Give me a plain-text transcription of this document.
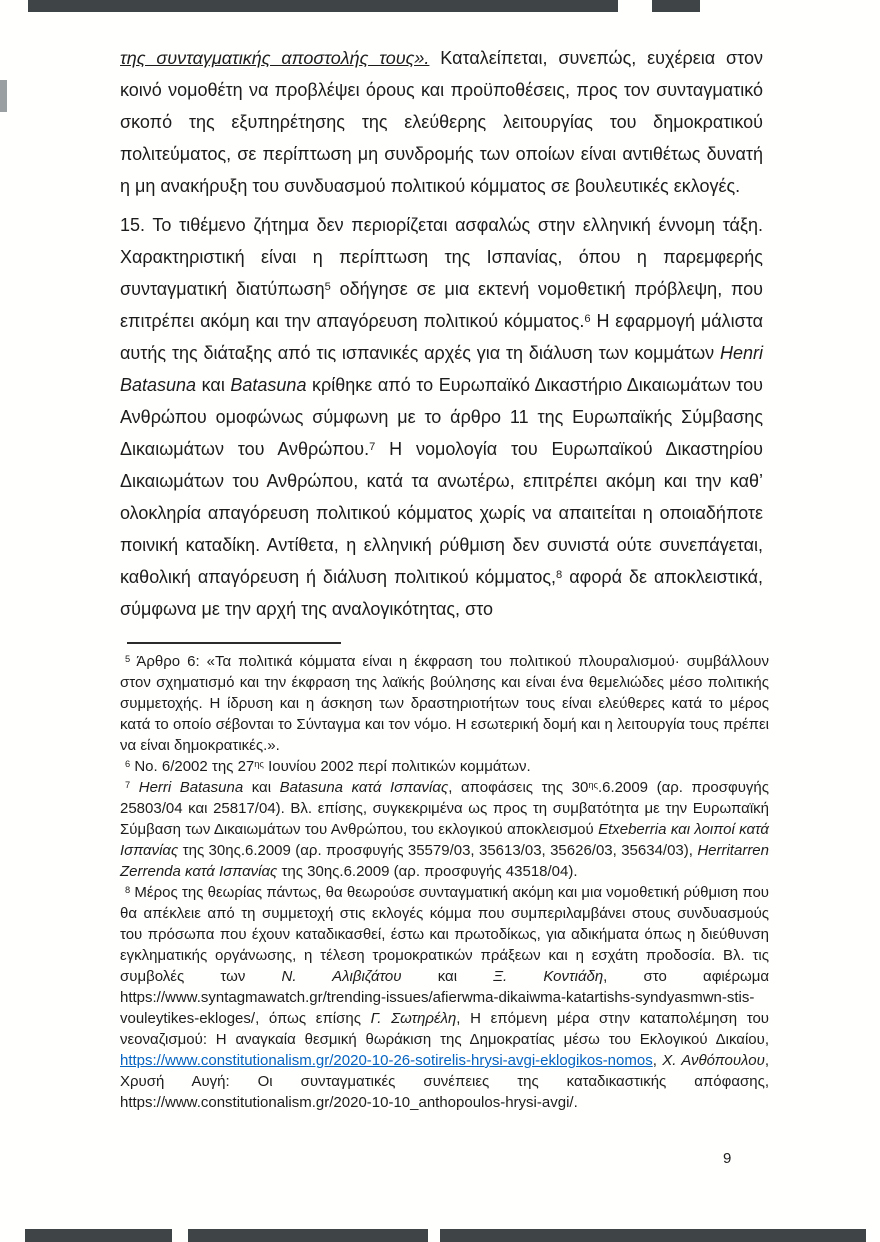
της συνταγματικής αποστολής τους». Καταλείπεται, συνεπώς, ευχέρεια στον κοινό νομοθέτη να προβλέψει όρους και προϋποθέσεις, προς τον συνταγματικό σκοπό της εξυπηρέτησης της ελεύθερης λειτουργίας του δημοκρατικού πολιτεύματος, σε περίπτωση μη συνδρομής των οποίων είναι αντιθέτως δυνατή η μη ανακήρυξη του συνδυασμού πολιτικού κόμματος σε βουλευτικές εκλογές.

15. Το τιθέμενο ζήτημα δεν περιορίζεται ασφαλώς στην ελληνική έννομη τάξη. Χαρακτηριστική είναι η περίπτωση της Ισπανίας, όπου η παρεμφερής συνταγματική διατύπωση$^5$ οδήγησε σε μια εκτενή νομοθετική πρόβλεψη, που επιτρέπει ακόμη και την απαγόρευση πολιτικού κόμματος.$^6$ Η εφαρμογή μάλιστα αυτής της διάταξης από τις ισπανικές αρχές για τη διάλυση των κομμάτων Henri Batasuna και Batasuna κρίθηκε από το Ευρωπαϊκό Δικαστήριο Δικαιωμάτων του Ανθρώπου ομοφώνως σύμφωνη με το άρθρο 11 της Ευρωπαϊκής Σύμβασης Δικαιωμάτων του Ανθρώπου.$^7$ Η νομολογία του Ευρωπαϊκού Δικαστηρίου Δικαιωμάτων του Ανθρώπου, κατά τα ανωτέρω, επιτρέπει ακόμη και την καθ’ ολοκληρία απαγόρευση πολιτικού κόμματος χωρίς να απαιτείται η οποιαδήποτε ποινική καταδίκη. Αντίθετα, η ελληνική ρύθμιση δεν συνιστά ούτε συνεπάγεται, καθολική απαγόρευση ή διάλυση πολιτικού κόμματος,$^8$ αφορά δε αποκλειστικά, σύμφωνα με την αρχή της αναλογικότητας, στο

$^5$ Άρθρο 6: «Τα πολιτικά κόμματα είναι η έκφραση του πολιτικού πλουραλισμού· συμβάλλουν στον σχηματισμό και την έκφραση της λαϊκής βούλησης και είναι ένα θεμελιώδες μέσο πολιτικής συμμετοχής. Η ίδρυση και η άσκηση των δραστηριοτήτων τους είναι ελεύθερες κατά το μέρος κατά το οποίο σέβονται το Σύνταγμα και τον νόμο. Η εσωτερική δομή και η λειτουργία τους πρέπει να είναι δημοκρατικές.».

$^6$ Νο. 6/2002 της $27^{\eta\varsigma}$ Ιουνίου 2002 περί πολιτικών κομμάτων.

$^7$ Herri Batasuna και Batasuna κατά Ισπανίας, αποφάσεις της $30^{\eta\varsigma}.6.2009$ (αρ. προσφυγής 25803/04 και 25817/04). Βλ. επίσης, συγκεκριμένα ως προς τη συμβατότητα με την Ευρωπαϊκή Σύμβαση των Δικαιωμάτων του Ανθρώπου, του εκλογικού αποκλεισμού Etxeberria και λοιποί κατά Ισπανίας της 30ης.6.2009 (αρ. προσφυγής 35579/03, 35613/03, 35626/03, 35634/03), Herritarren Zerrenda κατά Ισπανίας της 30ης.6.2009 (αρ. προσφυγής 43518/04).

$^8$ Μέρος της θεωρίας πάντως, θα θεωρούσε συνταγματική ακόμη και μια νομοθετική ρύθμιση που θα απέκλειε από τη συμμετοχή στις εκλογές κόμμα που συμπεριλαμβάνει στους συνδυασμούς του πρόσωπα που έχουν καταδικασθεί, έστω και πρωτοδίκως, για αδικήματα όπως η διεύθυνση εγκληματικής οργάνωσης, η τέλεση τρομοκρατικών πράξεων και η εσχάτη προδοσία. Βλ. τις συμβολές των Ν. Αλιβιζάτου και Ξ. Κοντιάδη, στο αφιέρωμα https://www.syntagmawatch.gr/trending-issues/afierwma-dikaiwma-katartishs-syndyasmwn-stis-vouleytikes-ekloges/, όπως επίσης Γ. Σωτηρέλη, Η επόμενη μέρα στην καταπολέμηση του νεοναζισμού: Η αναγκαία θεσμική θωράκιση της Δημοκρατίας μέσω του Εκλογικού Δικαίου, https://www.constitutionalism.gr/2020-10-26-sotirelis-hrysi-avgi-eklogikos-nomos, Χ. Ανθόπουλου, Χρυσή Αυγή: Οι συνταγματικές συνέπειες της καταδικαστικής απόφασης, https://www.constitutionalism.gr/2020-10-10_anthopoulos-hrysi-avgi/.

9
